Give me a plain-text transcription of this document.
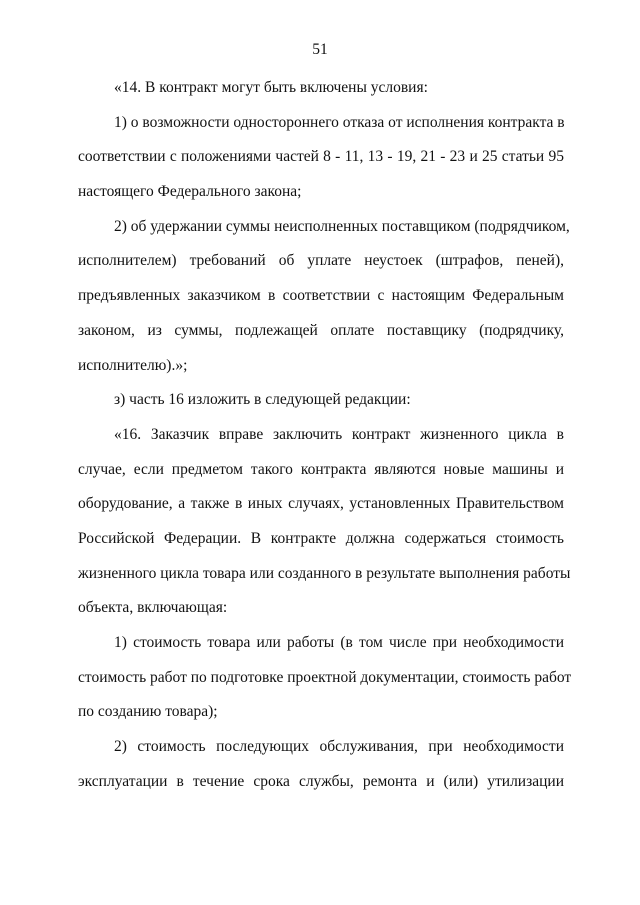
51
«14. В контракт могут быть включены условия:
1) о возможности одностороннего отказа от исполнения контракта в
соответствии с положениями частей 8 - 11, 13 - 19, 21 - 23 и 25 статьи 95
настоящего Федерального закона;
2) об удержании суммы неисполненных поставщиком (подрядчиком,
исполнителем) требований об уплате неустоек (штрафов, пеней),
предъявленных заказчиком в соответствии с настоящим Федеральным
законом, из суммы, подлежащей оплате поставщику (подрядчику,
исполнителю).»;
з) часть 16 изложить в следующей редакции:
«16. Заказчик вправе заключить контракт жизненного цикла в
случае, если предметом такого контракта являются новые машины и
оборудование, а также в иных случаях, установленных Правительством
Российской Федерации. В контракте должна содержаться стоимость
жизненного цикла товара или созданного в результате выполнения работы
объекта, включающая:
1) стоимость товара или работы (в том числе при необходимости
стоимость работ по подготовке проектной документации, стоимость работ
по созданию товара);
2) стоимость последующих обслуживания, при необходимости
эксплуатации в течение срока службы, ремонта и (или) утилизации
